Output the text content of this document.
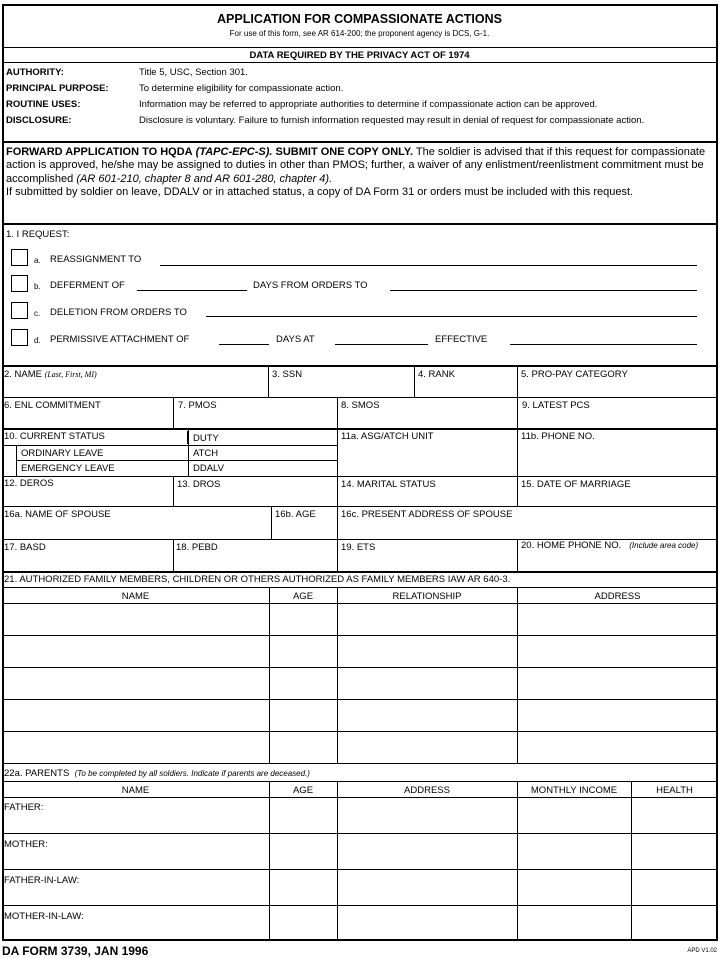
APPLICATION FOR COMPASSIONATE ACTIONS
For use of this form, see AR 614-200; the proponent agency is DCS, G-1.
DATA REQUIRED BY THE PRIVACY ACT OF 1974
AUTHORITY:	Title 5, USC, Section 301.
PRINCIPAL PURPOSE:	To determine eligibility for compassionate action.
ROUTINE USES:	Information may be referred to appropriate authorities to determine if compassionate action can be approved.
DISCLOSURE:	Disclosure is voluntary. Failure to furnish information requested may result in denial of request for compassionate action.
FORWARD APPLICATION TO HQDA (TAPC-EPC-S). SUBMIT ONE COPY ONLY. The soldier is advised that if this request for compassionate action is approved, he/she may be assigned to duties in other than PMOS; further, a waiver of any enlistment/reenlistment commitment must be accomplished (AR 601-210, chapter 8 and AR 601-280, chapter 4).
If submitted by soldier on leave, DDALV or in attached status, a copy of DA Form 31 or orders must be included with this request.
1. I REQUEST:
a. REASSIGNMENT TO
b. DEFERMENT OF	DAYS FROM ORDERS TO
c. DELETION FROM ORDERS TO
d. PERMISSIVE ATTACHMENT OF	DAYS AT	EFFECTIVE
2. NAME (Last, First, MI)	3. SSN	4. RANK	5. PRO-PAY CATEGORY
6. ENL COMMITMENT	7. PMOS	8. SMOS	9. LATEST PCS
10. CURRENT STATUS	DUTY
ORDINARY LEAVE	ATCH
EMERGENCY LEAVE	DDALV
11a. ASG/ATCH UNIT	11b. PHONE NO.
12. DEROS	13. DROS	14. MARITAL STATUS	15. DATE OF MARRIAGE
16a. NAME OF SPOUSE	16b. AGE	16c. PRESENT ADDRESS OF SPOUSE
17. BASD	18. PEBD	19. ETS	20. HOME PHONE NO. (Include area code)
21. AUTHORIZED FAMILY MEMBERS, CHILDREN OR OTHERS AUTHORIZED AS FAMILY MEMBERS IAW AR 640-3.
NAME	AGE	RELATIONSHIP	ADDRESS
22a. PARENTS (To be completed by all soldiers. Indicate if parents are deceased.)
NAME	AGE	ADDRESS	MONTHLY INCOME	HEALTH
FATHER:
MOTHER:
FATHER-IN-LAW:
MOTHER-IN-LAW:
DA FORM 3739, JAN 1996	APD V1.02
